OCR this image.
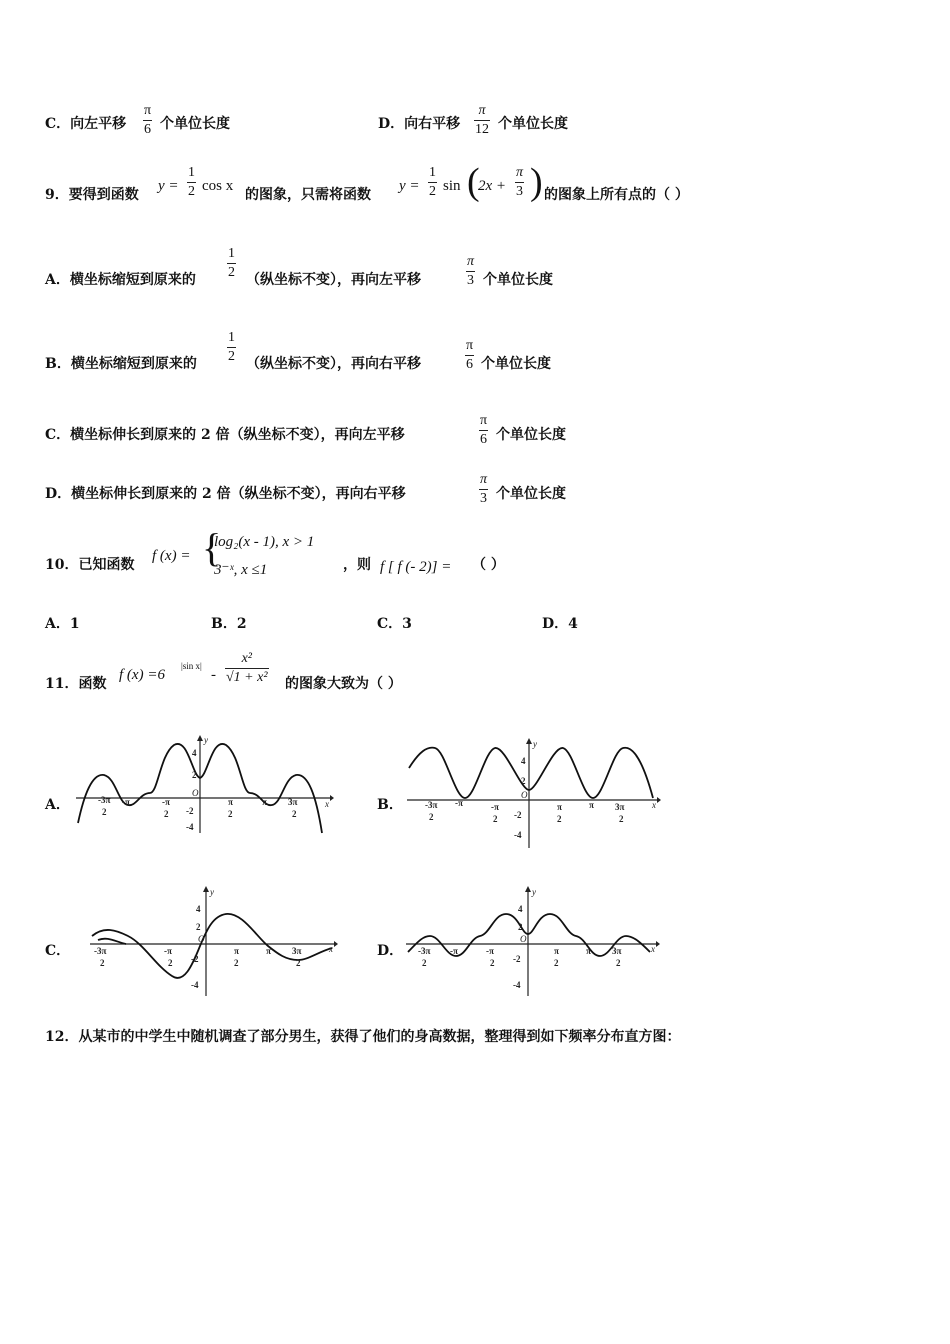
C．向左平移 $\frac{\pi}{6}$ 个单位长度	D．向右平移 $\frac{\pi}{12}$ 个单位长度
9．要得到函数
$y = \frac{1}{2}$ cos x
的图象，只需将函数
$y = \frac{1}{2}$ sin (
$2x + \frac{\pi}{3}$ ) 的图象上所有点的（ ）
A．横坐标缩短到原来的 $\frac{1}{2}$ （纵坐标不变），再向左平移	$\frac{\pi}{3}$ 个单位长度
B．横坐标缩短到原来的 $\frac{1}{2}$ （纵坐标不变），再向右平移	$\frac{\pi}{6}$ 个单位长度
C．横坐标伸长到原来的 2 倍（纵坐标不变），再向左平移	$\frac{\pi}{6}$ 个单位长度
D．横坐标伸长到原来的 2 倍（纵坐标不变），再向右平移	$\frac{\pi}{3}$ 个单位长度
10．已知函数
f (x) = {
log₂(x - 1), x > 1
3⁻ˣ, x ≤1	，则 f [ f (- 2)] = （ ）
A．1	B．2	C．3	D．4
11．函数
f (x) =6
|sin x|
- $\frac{\text{x²}}{\text{√1 + x²}}$ 的图象大致为（ ）
A．	B．
C．	D．
-3π
2
-π	-π
2
π
2
π 3π
2
4
2
-2
-4
O
y
x	-3π
2
-π	-π
2
π
2
π 3π
2
4
2
-2
-4
O
y
x
-3π
2
-π
2
π
2
π 3π
2
4
2
-2
-4
O
y
x	-3π
2
-π	-π
2
π
2
π 3π
2
4
2
-2
-4
O
y
x
12．从某市的中学生中随机调查了部分男生，获得了他们的身高数据，整理得到如下频率分布直方图：
